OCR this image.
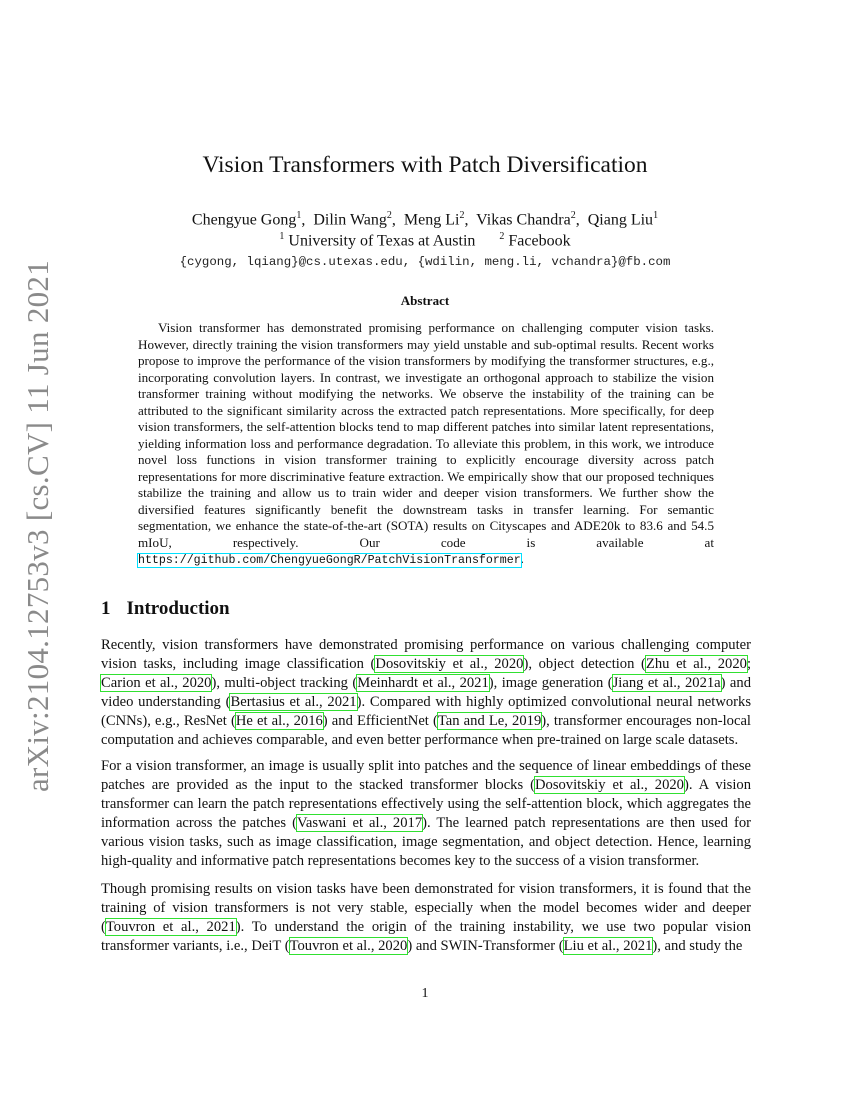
arXiv:2104.12753v3 [cs.CV] 11 Jun 2021
Vision Transformers with Patch Diversification
Chengyue Gong$^1$,  Dilin Wang$^2$,  Meng Li$^2$,  Vikas Chandra$^2$,  Qiang Liu$^1$
$^1$ University of Texas at Austin $^2$ Facebook
{cygong, lqiang}@cs.utexas.edu, {wdilin, meng.li, vchandra}@fb.com
Abstract
Vision transformer has demonstrated promising performance on challenging computer vision tasks. However, directly training the vision transformers may yield unstable and sub-optimal results. Recent works propose to improve the performance of the vision transformers by modifying the transformer structures, e.g., incorporating convolution layers. In contrast, we investigate an orthogonal approach to stabilize the vision transformer training without modifying the networks. We observe the instability of the training can be attributed to the significant similarity across the extracted patch representations. More specifically, for deep vision transformers, the self-attention blocks tend to map different patches into similar latent representations, yielding information loss and performance degradation. To alleviate this problem, in this work, we introduce novel loss functions in vision transformer training to explicitly encourage diversity across patch representations for more discriminative feature extraction. We empirically show that our proposed techniques stabilize the training and allow us to train wider and deeper vision transformers. We further show the diversified features significantly benefit the downstream tasks in transfer learning. For semantic segmentation, we enhance the state-of-the-art (SOTA) results on Cityscapes and ADE20k to 83.6 and 54.5 mIoU, respectively. Our code is available at https://github.com/ChengyueGongR/PatchVisionTransformer.
1 Introduction
Recently, vision transformers have demonstrated promising performance on various challenging computer vision tasks, including image classification (Dosovitskiy et al., 2020), object detection (Zhu et al., 2020; Carion et al., 2020), multi-object tracking (Meinhardt et al., 2021), image generation (Jiang et al., 2021a) and video understanding (Bertasius et al., 2021). Compared with highly optimized convolutional neural networks (CNNs), e.g., ResNet (He et al., 2016) and EfficientNet (Tan and Le, 2019), transformer encourages non-local computation and achieves comparable, and even better performance when pre-trained on large scale datasets.
For a vision transformer, an image is usually split into patches and the sequence of linear embeddings of these patches are provided as the input to the stacked transformer blocks (Dosovitskiy et al., 2020). A vision transformer can learn the patch representations effectively using the self-attention block, which aggregates the information across the patches (Vaswani et al., 2017). The learned patch representations are then used for various vision tasks, such as image classification, image segmentation, and object detection. Hence, learning high-quality and informative patch representations becomes key to the success of a vision transformer.
Though promising results on vision tasks have been demonstrated for vision transformers, it is found that the training of vision transformers is not very stable, especially when the model becomes wider and deeper (Touvron et al., 2021). To understand the origin of the training instability, we use two popular vision transformer variants, i.e., DeiT (Touvron et al., 2020) and SWIN-Transformer (Liu et al., 2021), and study the
1
